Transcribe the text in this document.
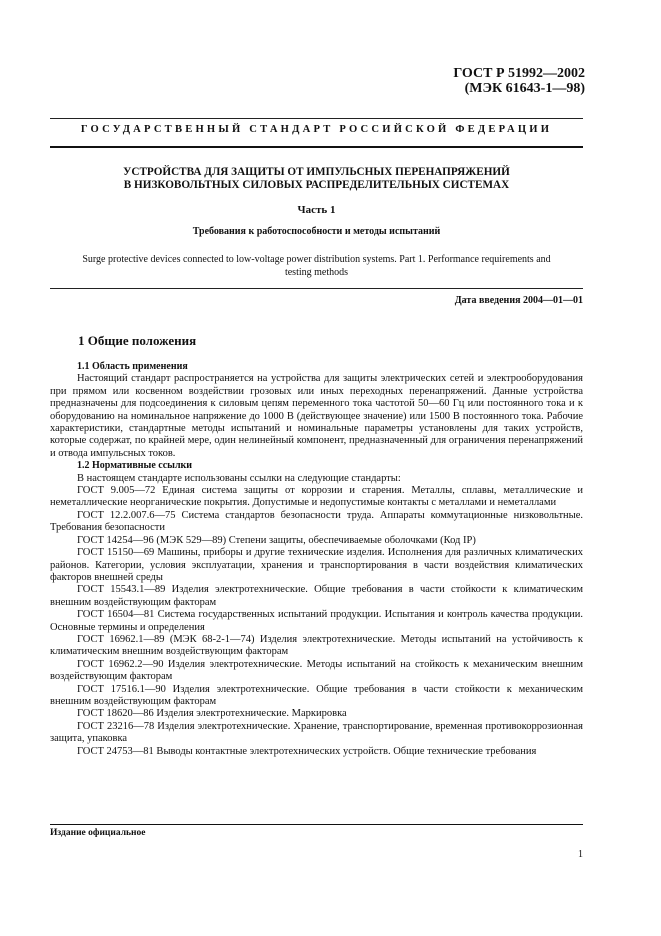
ГОСТ Р 51992—2002
(МЭК 61643-1—98)
ГОСУДАРСТВЕННЫЙ СТАНДАРТ РОССИЙСКОЙ ФЕДЕРАЦИИ
УСТРОЙСТВА ДЛЯ ЗАЩИТЫ ОТ ИМПУЛЬСНЫХ ПЕРЕНАПРЯЖЕНИЙ
В НИЗКОВОЛЬТНЫХ СИЛОВЫХ РАСПРЕДЕЛИТЕЛЬНЫХ СИСТЕМАХ
Часть 1
Требования к работоспособности и методы испытаний
Surge protective devices connected to low-voltage power distribution systems. Part 1. Performance requirements and
testing methods
Дата введения 2004—01—01
1 Общие положения
1.1 Область применения

Настоящий стандарт распространяется на устройства для защиты электрических сетей и электрооборудования при прямом или косвенном воздействии грозовых или иных переходных перенапряжений. Данные устройства предназначены для подсоединения к силовым цепям переменного тока частотой 50—60 Гц или постоянного тока и к оборудованию на номинальное напряжение до 1000 В (действующее значение) или 1500 В постоянного тока. Рабочие характеристики, стандартные методы испытаний и номинальные параметры установлены для таких устройств, которые содержат, по крайней мере, один нелинейный компонент, предназначенный для ограничения перенапряжений и отвода импульсных токов.

1.2 Нормативные ссылки

В настоящем стандарте использованы ссылки на следующие стандарты:

ГОСТ 9.005—72 Единая система защиты от коррозии и старения. Металлы, сплавы, металлические и неметаллические неорганические покрытия. Допустимые и недопустимые контакты с металлами и неметаллами

ГОСТ 12.2.007.6—75 Система стандартов безопасности труда. Аппараты коммутационные низковольтные. Требования безопасности

ГОСТ 14254—96 (МЭК 529—89) Степени защиты, обеспечиваемые оболочками (Код IP)

ГОСТ 15150—69 Машины, приборы и другие технические изделия. Исполнения для различных климатических районов. Категории, условия эксплуатации, хранения и транспортирования в части воздействия климатических факторов внешней среды

ГОСТ 15543.1—89 Изделия электротехнические. Общие требования в части стойкости к климатическим внешним воздействующим факторам

ГОСТ 16504—81 Система государственных испытаний продукции. Испытания и контроль качества продукции. Основные термины и определения

ГОСТ 16962.1—89 (МЭК 68-2-1—74) Изделия электротехнические. Методы испытаний на устойчивость к климатическим внешним воздействующим факторам

ГОСТ 16962.2—90 Изделия электротехнические. Методы испытаний на стойкость к механическим внешним воздействующим факторам

ГОСТ 17516.1—90 Изделия электротехнические. Общие требования в части стойкости к механическим внешним воздействующим факторам

ГОСТ 18620—86 Изделия электротехнические. Маркировка

ГОСТ 23216—78 Изделия электротехнические. Хранение, транспортирование, временная противокоррозионная защита, упаковка

ГОСТ 24753—81 Выводы контактные электротехнических устройств. Общие технические требования

Издание официальное
1
